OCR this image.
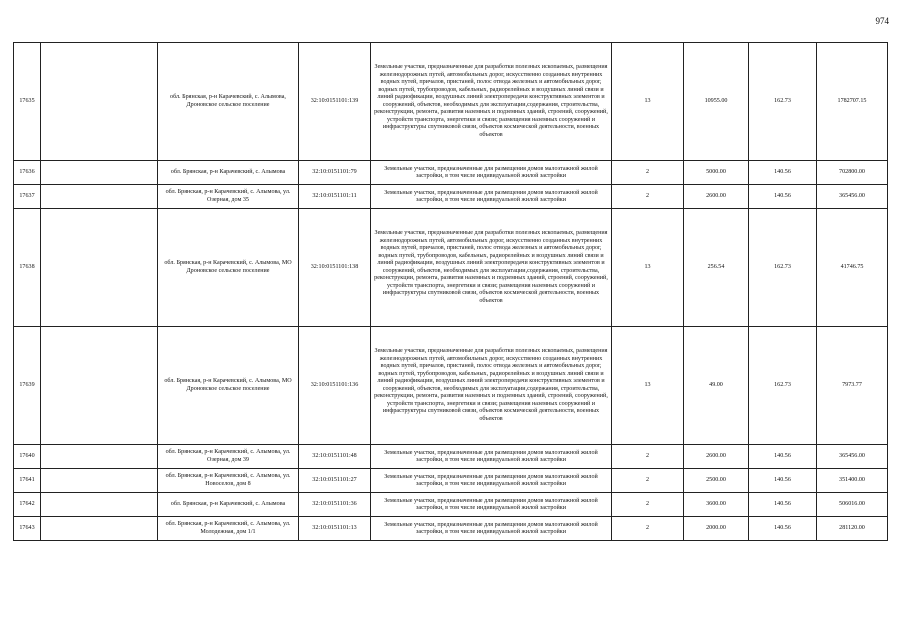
974
17635		обл. Брянская, р-н Карачевский, с. Алымова, Дроновское сельское поселение	32:10:0151101:139	Земельные участки, предназначенные для разработки полезных ископаемых, размещения железнодорожных путей, автомобильных дорог, искусственно созданных внутренних водных путей, причалов, пристаней, полос отвода железных и автомобильных дорог, водных путей, трубопроводов, кабельных, радиорелейных и воздушных линий связи и линий радиофикации, воздушных линий электропередачи конструктивных элементов и сооружений, объектов, необходимых для эксплуатации,содержания, строительства, реконструкции, ремонта, развития наземных и подземных зданий, строений, сооружений, устройств транспорта, энергетики и связи; размещения наземных сооружений и инфраструктуры спутниковой связи, объектов космической деятельности, военных объектов	13	10955.00	162.73	1782707.15
17636		обл. Брянская, р-н Карачевский, с. Алымова	32:10:0151101:79	Земельные участки, предназначенные для размещения домов малоэтажной жилой застройки, в том числе индивидуальной жилой застройки	2	5000.00	140.56	702800.00
17637		обл. Брянская, р-н Карачевский, с. Алымова, ул. Озерная, дом 35	32:10:0151101:11	Земельные участки, предназначенные для размещения домов малоэтажной жилой застройки, в том числе индивидуальной жилой застройки	2	2600.00	140.56	365456.00
17638		обл. Брянская, р-н Карачевский, с. Алымова, МО Дроновское сельское поселение	32:10:0151101:138	Земельные участки, предназначенные для разработки полезных ископаемых, размещения железнодорожных путей, автомобильных дорог, искусственно созданных внутренних водных путей, причалов, пристаней, полос отвода железных и автомобильных дорог, водных путей, трубопроводов, кабельных, радиорелейных и воздушных линий связи и линий радиофикации, воздушных линий электропередачи конструктивных элементов и сооружений, объектов, необходимых для эксплуатации,содержания, строительства, реконструкции, ремонта, развития наземных и подземных зданий, строений, сооружений, устройств транспорта, энергетики и связи; размещения наземных сооружений и инфраструктуры спутниковой связи, объектов космической деятельности, военных объектов	13	256.54	162.73	41746.75
17639		обл. Брянская, р-н Карачевский, с. Алымова, МО Дроновское сельское поселение	32:10:0151101:136	Земельные участки, предназначенные для разработки полезных ископаемых, размещения железнодорожных путей, автомобильных дорог, искусственно созданных внутренних водных путей, причалов, пристаней, полос отвода железных и автомобильных дорог, водных путей, трубопроводов, кабельных, радиорелейных и воздушных линий связи и линий радиофикации, воздушных линий электропередачи конструктивных элементов и сооружений, объектов, необходимых для эксплуатации,содержания, строительства, реконструкции, ремонта, развития наземных и подземных зданий, строений, сооружений, устройств транспорта, энергетики и связи; размещения наземных сооружений и инфраструктуры спутниковой связи, объектов космической деятельности, военных объектов	13	49.00	162.73	7973.77
17640		обл. Брянская, р-н Карачевский, с. Алымова, ул. Озерная, дом 39	32:10:0151101:48	Земельные участки, предназначенные для размещения домов малоэтажной жилой застройки, в том числе индивидуальной жилой застройки	2	2600.00	140.56	365456.00
17641		обл. Брянская, р-н Карачевский, с. Алымова, ул. Новоселов, дом 8	32:10:0151101:27	Земельные участки, предназначенные для размещения домов малоэтажной жилой застройки, в том числе индивидуальной жилой застройки	2	2500.00	140.56	351400.00
17642		обл. Брянская, р-н Карачевский, с. Алымова	32:10:0151101:36	Земельные участки, предназначенные для размещения домов малоэтажной жилой застройки, в том числе индивидуальной жилой застройки	2	3600.00	140.56	506016.00
17643		обл. Брянская, р-н Карачевский, с. Алымова, ул. Молодежная, дом 1/1	32:10:0151101:13	Земельные участки, предназначенные для размещения домов малоэтажной жилой застройки, в том числе индивидуальной жилой застройки	2	2000.00	140.56	281120.00
